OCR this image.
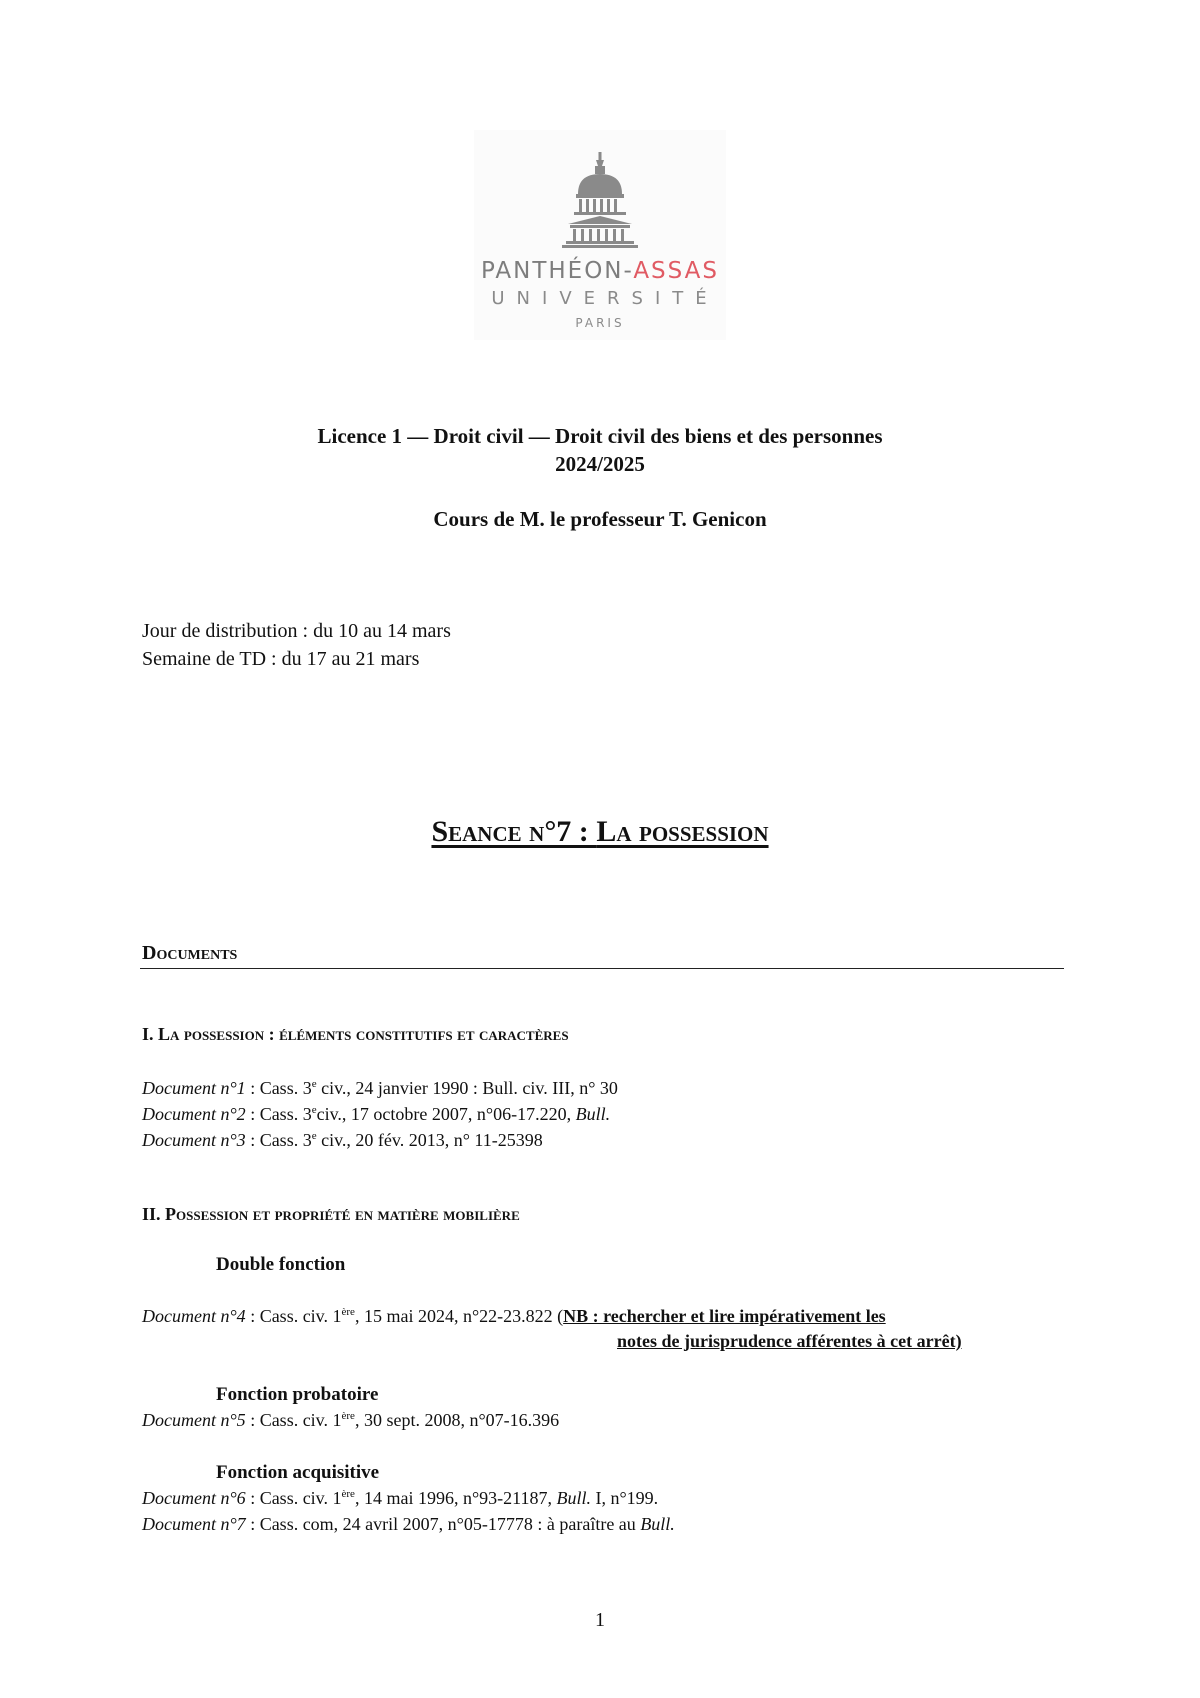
PANTHÉON-ASSAS
UNIVERSITÉ
PARIS
Licence 1 — Droit civil — Droit civil des biens et des personnes
2024/2025
Cours de M. le professeur T. Genicon
Jour de distribution : du 10 au 14 mars
Semaine de TD : du 17 au 21 mars
Seance n°7 : La possession
Documents
I. La possession : éléments constitutifs et caractères
Document n°1 : Cass. 3e civ., 24 janvier 1990 : Bull. civ. III, n° 30
Document n°2 : Cass. 3eciv., 17 octobre 2007, n°06-17.220, Bull.
Document n°3 : Cass. 3e civ., 20 fév. 2013, n° 11-25398
II. Possession et propriété en matière mobilière
Double fonction
Document n°4 : Cass. civ. 1ère, 15 mai 2024, n°22-23.822 (NB : rechercher et lire impérativement les
notes de jurisprudence afférentes à cet arrêt)
Fonction probatoire
Document n°5 : Cass. civ. 1ère, 30 sept. 2008, n°07-16.396
Fonction acquisitive
Document n°6 : Cass. civ. 1ère, 14 mai 1996, n°93-21187, Bull. I, n°199.
Document n°7 : Cass. com, 24 avril 2007, n°05-17778 : à paraître au Bull.
1
